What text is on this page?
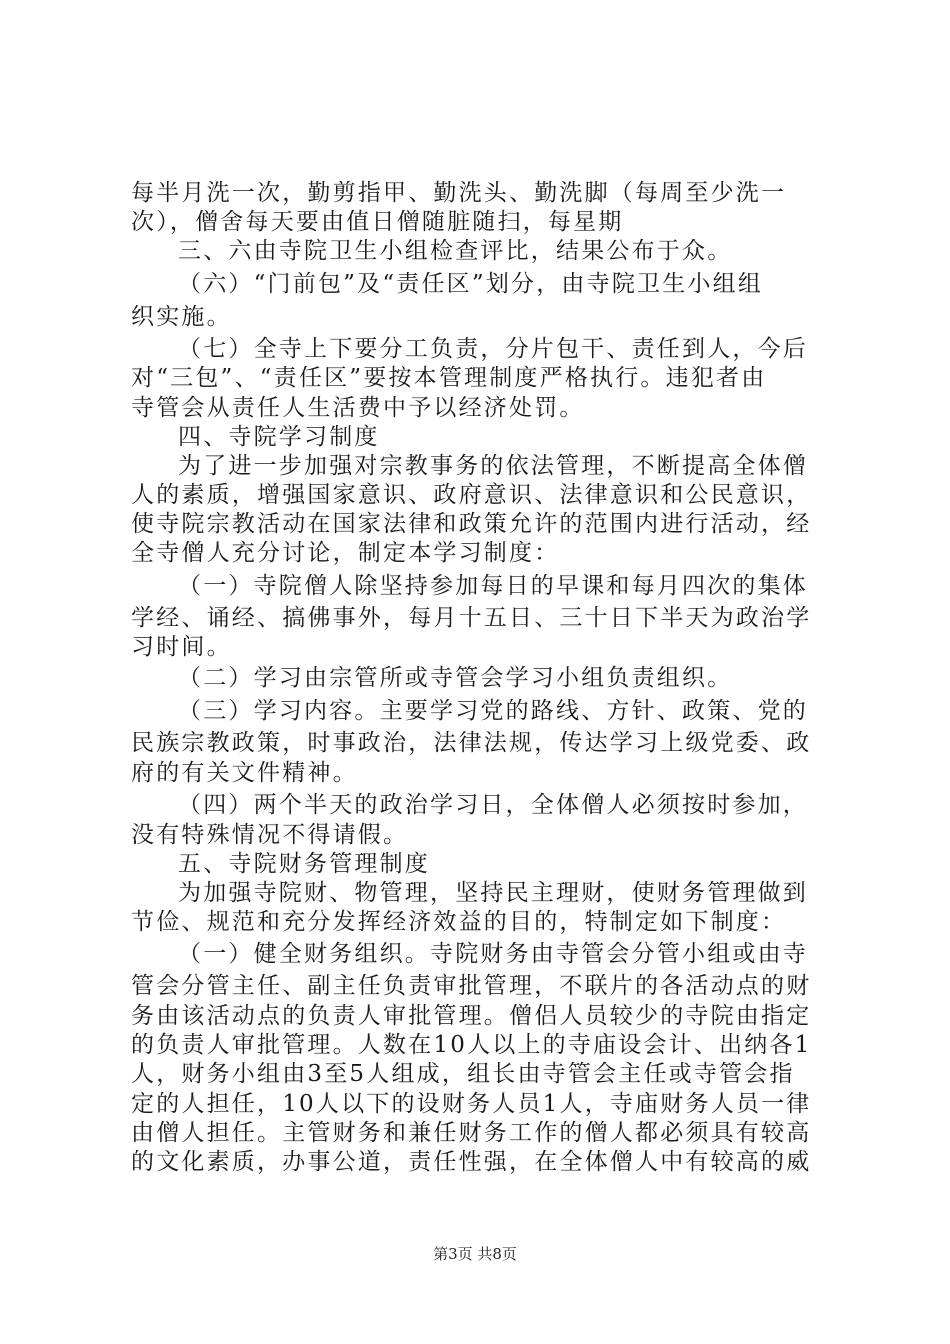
每半月洗一次，勤剪指甲、勤洗头、勤洗脚（每周至少洗一
次），僧舍每天要由值日僧随脏随扫，每星期
三、六由寺院卫生小组检查评比，结果公布于众。
（六）“门前包”及“责任区”划分，由寺院卫生小组组
织实施。
（七）全寺上下要分工负责，分片包干、责任到人，今后
对“三包”、“责任区”要按本管理制度严格执行。违犯者由
寺管会从责任人生活费中予以经济处罚。
四、寺院学习制度
为了进一步加强对宗教事务的依法管理，不断提高全体僧
人的素质，增强国家意识、政府意识、法律意识和公民意识，
使寺院宗教活动在国家法律和政策允许的范围内进行活动，经
全寺僧人充分讨论，制定本学习制度：
（一）寺院僧人除坚持参加每日的早课和每月四次的集体
学经、诵经、搞佛事外，每月十五日、三十日下半天为政治学
习时间。
（二）学习由宗管所或寺管会学习小组负责组织。
（三）学习内容。主要学习党的路线、方针、政策、党的
民族宗教政策，时事政治，法律法规，传达学习上级党委、政
府的有关文件精神。
（四）两个半天的政治学习日，全体僧人必须按时参加，
没有特殊情况不得请假。
五、寺院财务管理制度
为加强寺院财、物管理，坚持民主理财，使财务管理做到
节俭、规范和充分发挥经济效益的目的，特制定如下制度：
（一）健全财务组织。寺院财务由寺管会分管小组或由寺
管会分管主任、副主任负责审批管理，不联片的各活动点的财
务由该活动点的负责人审批管理。僧侣人员较少的寺院由指定
的负责人审批管理。人数在10人以上的寺庙设会计、出纳各1
人，财务小组由3至5人组成，组长由寺管会主任或寺管会指
定的人担任，10人以下的设财务人员1人，寺庙财务人员一律
由僧人担任。主管财务和兼任财务工作的僧人都必须具有较高
的文化素质，办事公道，责任性强，在全体僧人中有较高的威
第3页 共8页
